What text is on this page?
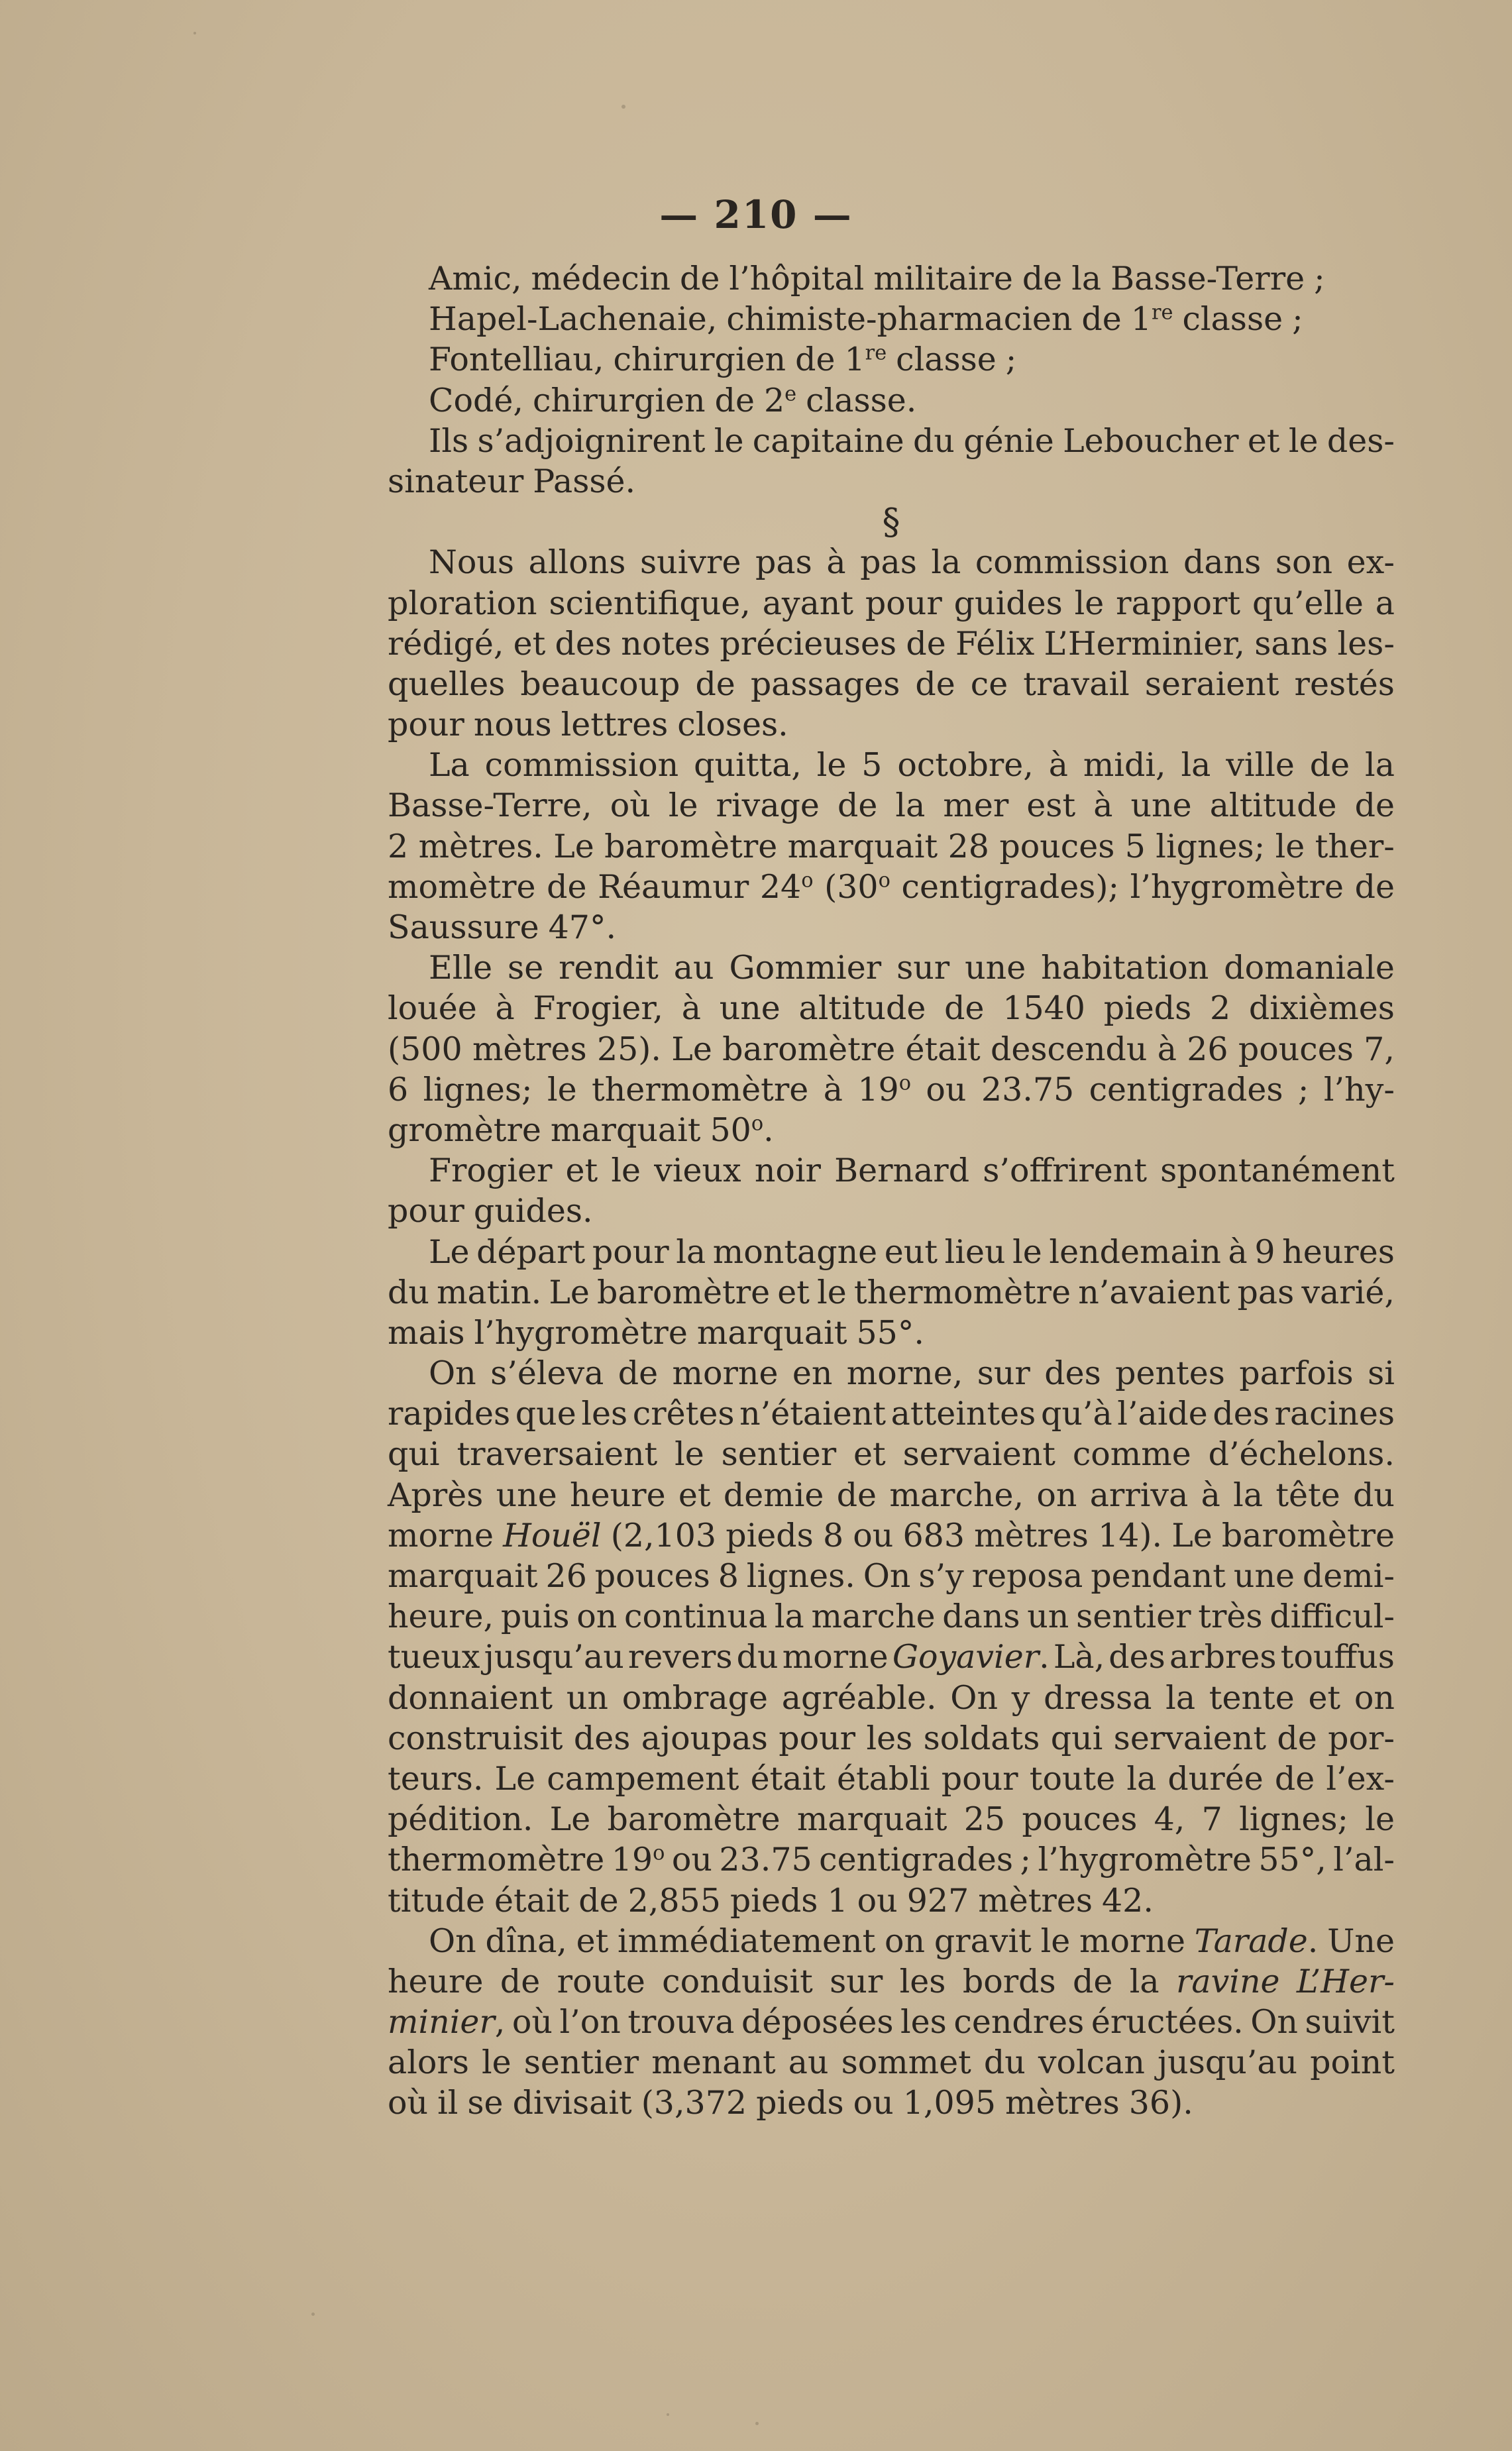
— 210 —
Amic, médecin de l’hôpital militaire de la Basse-Terre ;
Hapel-Lachenaie, chimiste-pharmacien de 1re classe ;
Fontelliau, chirurgien de 1re classe ;
Codé, chirurgien de 2e classe.
Ils s’adjoignirent le capitaine du génie Leboucher et le des-
sinateur Passé.
§
Nous allons suivre pas à pas la commission dans son ex-
ploration scientifique, ayant pour guides le rapport qu’elle a
rédigé, et des notes précieuses de Félix L’Herminier, sans les-
quelles beaucoup de passages de ce travail seraient restés
pour nous lettres closes.
La commission quitta, le 5 octobre, à midi, la ville de la
Basse-Terre, où le rivage de la mer est à une altitude de
2 mètres. Le baromètre marquait 28 pouces 5 lignes; le ther-
momètre de Réaumur 24$^o$ (30$^o$ centigrades); l’hygromètre de
Saussure 47°.
Elle se rendit au Gommier sur une habitation domaniale
louée à Frogier, à une altitude de 1540 pieds 2 dixièmes
(500 mètres 25). Le baromètre était descendu à 26 pouces 7,
6 lignes; le thermomètre à 19$^o$ ou 23.75 centigrades ; l’hy-
gromètre marquait 50$^o$.
Frogier et le vieux noir Bernard s’offrirent spontanément
pour guides.
Le départ pour la montagne eut lieu le lendemain à 9 heures
du matin. Le baromètre et le thermomètre n’avaient pas varié,
mais l’hygromètre marquait 55°.
On s’éleva de morne en morne, sur des pentes parfois si
rapides que les crêtes n’étaient atteintes qu’à l’aide des racines
qui traversaient le sentier et servaient comme d’échelons.
Après une heure et demie de marche, on arriva à la tête du
morne Houël (2,103 pieds 8 ou 683 mètres 14). Le baromètre
marquait 26 pouces 8 lignes. On s’y reposa pendant une demi-
heure, puis on continua la marche dans un sentier très difficul-
tueux jusqu’au revers du morne Goyavier. Là, des arbres touffus
donnaient un ombrage agréable. On y dressa la tente et on
construisit des ajoupas pour les soldats qui servaient de por-
teurs. Le campement était établi pour toute la durée de l’ex-
pédition. Le baromètre marquait 25 pouces 4, 7 lignes; le
thermomètre 19$^o$ ou 23.75 centigrades ; l’hygromètre 55°, l’al-
titude était de 2,855 pieds 1 ou 927 mètres 42.
On dîna, et immédiatement on gravit le morne Tarade. Une
heure de route conduisit sur les bords de la ravine L’Her-
minier, où l’on trouva déposées les cendres éructées. On suivit
alors le sentier menant au sommet du volcan jusqu’au point
où il se divisait (3,372 pieds ou 1,095 mètres 36).
